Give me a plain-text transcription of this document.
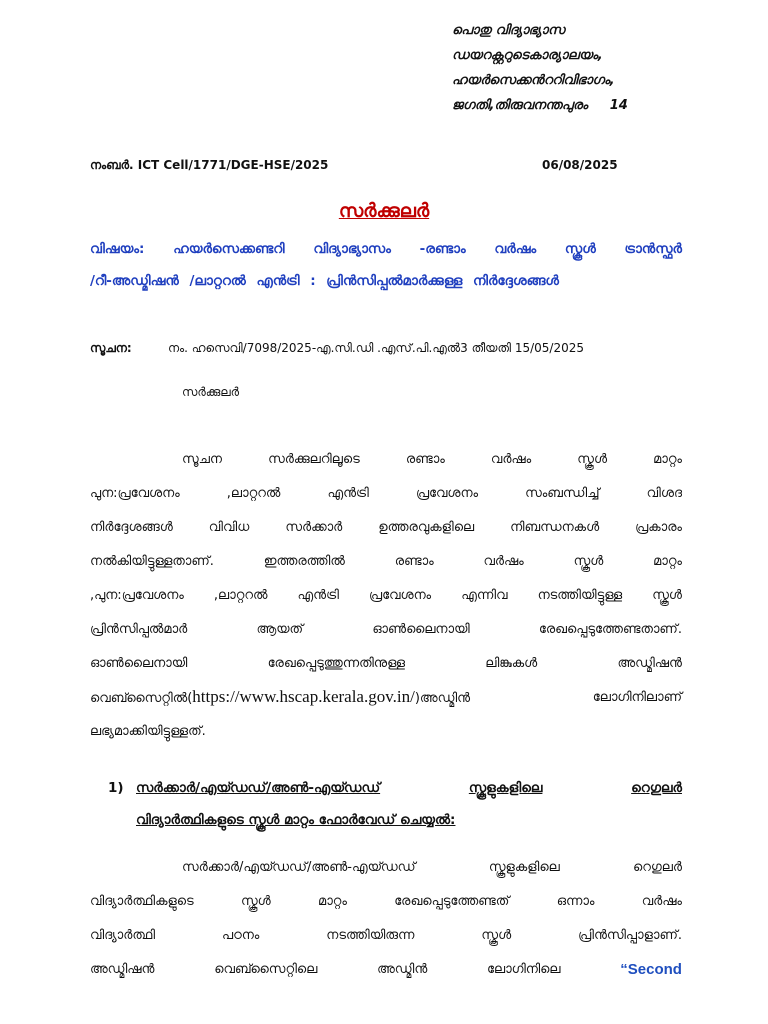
പൊതു വിദ്യാഭ്യാസ
ഡയറക്റ്ററുടെകാര്യാലയം,
ഹയർസെക്കൻററിവിഭാഗം,
ജഗതി,തിരുവനന്തപുരം 14
നംബർ. ICT Cell/1771/DGE-HSE/2025	06/08/2025
സർക്കുലർ
വിഷയം: ഹയർസെക്കണ്ടറി വിദ്യാഭ്യാസം -രണ്ടാം വർഷം സ്കൂൾ ട്രാൻസ്ഫർ
/റീ-അഡ്മിഷൻ /ലാറ്ററൽ എൻട്രി : പ്രിൻസിപ്പൽമാർക്കുള്ള നിർദ്ദേശങ്ങൾ
സൂചന:	നം. ഹസെവി/7098/2025-എ.സി.ഡി .എസ്.പി.എൽ3 തീയതി 15/05/2025
സർക്കുലർ
സൂചന	സർക്കുലറിലൂടെ	രണ്ടാം	വർഷം	സ്കൂൾ	മാറ്റം
പുന:പ്രവേശനം	,ലാറ്ററൽ	എൻട്രി	പ്രവേശനം	സംബന്ധിച്ച്	വിശദ
നിർദ്ദേശങ്ങൾ	വിവിധ	സർക്കാർ	ഉത്തരവുകളിലെ	നിബന്ധനകൾ	പ്രകാരം
നൽകിയിട്ടുള്ളതാണ്.	ഇത്തരത്തിൽ	രണ്ടാം	വർഷം	സ്കൂൾ	മാറ്റം
,പുന:പ്രവേശനം ,ലാറ്ററൽ എൻട്രി പ്രവേശനം എന്നിവ നടത്തിയിട്ടുള്ള സ്കൂൾ
പ്രിൻസിപ്പൽമാർ	ആയത്	ഓൺലൈനായി	രേഖപ്പെടുത്തേണ്ടതാണ്.
ഓൺലൈനായി	രേഖപ്പെടുത്തുന്നതിനുള്ള	ലിങ്കുകൾ	അഡ്മിഷൻ
വെബ്സൈറ്റിൽ(https://www.hscap.kerala.gov.in/)അഡ്മിൻ	ലോഗിനിലാണ്
ലഭ്യമാക്കിയിട്ടുള്ളത്.
1) സർക്കാർ/എയ്ഡഡ്/അൺ-എയ്ഡഡ്	സ്കൂളുകളിലെ	റെഗുലർ
വിദ്യാർത്ഥികളുടെ സ്കൂൾ മാറ്റം ഫോർവേഡ് ചെയ്യൽ:
സർക്കാർ/എയ്ഡഡ്/അൺ-എയ്ഡഡ്	സ്കൂളുകളിലെ	റെഗുലർ
വിദ്യാർത്ഥികളുടെ	സ്കൂൾ	മാറ്റം	രേഖപ്പെടുത്തേണ്ടത്	ഒന്നാം	വർഷം
വിദ്യാർത്ഥി	പഠനം	നടത്തിയിരുന്ന	സ്കൂൾ	പ്രിൻസിപ്പാളാണ്.
അഡ്മിഷൻ	വെബ്സൈറ്റിലെ	അഡ്മിൻ	ലോഗിനിലെ	“Second
